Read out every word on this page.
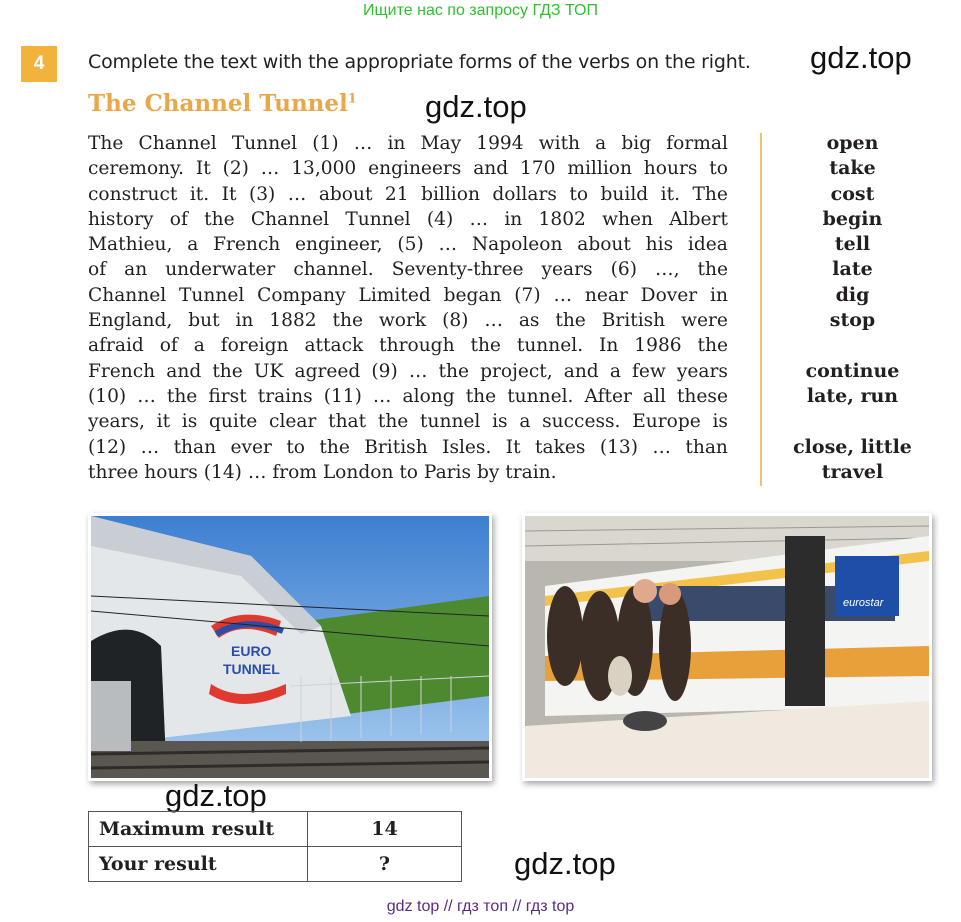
Ищите нас по запросу ГДЗ ТОП
4	Complete the text with the appropriate forms of the verbs on the right. gdz.top
gdz.top
gdz.top
gdz.top
The Channel Tunnel$^1$
The Channel Tunnel (1) … in May 1994 with a big formal
ceremony. It (2) … 13,000 engineers and 170 million hours to
construct it. It (3) … about 21 billion dollars to build it. The
history of the Channel Tunnel (4) … in 1802 when Albert
Mathieu, a French engineer, (5) … Napoleon about his idea
of an underwater channel. Seventy-three years (6) …, the
Channel Tunnel Company Limited began (7) … near Dover in
England, but in 1882 the work (8) … as the British were
afraid of a foreign attack through the tunnel. In 1986 the
French and the UK agreed (9) … the project, and a few years
(10) … the first trains (11) … along the tunnel. After all these
years, it is quite clear that the tunnel is a success. Europe is
(12) … than ever to the British Isles. It takes (13) … than
three hours (14) … from London to Paris by train.
open
take
cost
begin
tell
late
dig
stop
continue
late, run
close, little
travel
EURO
TUNNEL
eurostar
Maximum result	14
Your result	?
gdz top // гдз топ // гдз top
